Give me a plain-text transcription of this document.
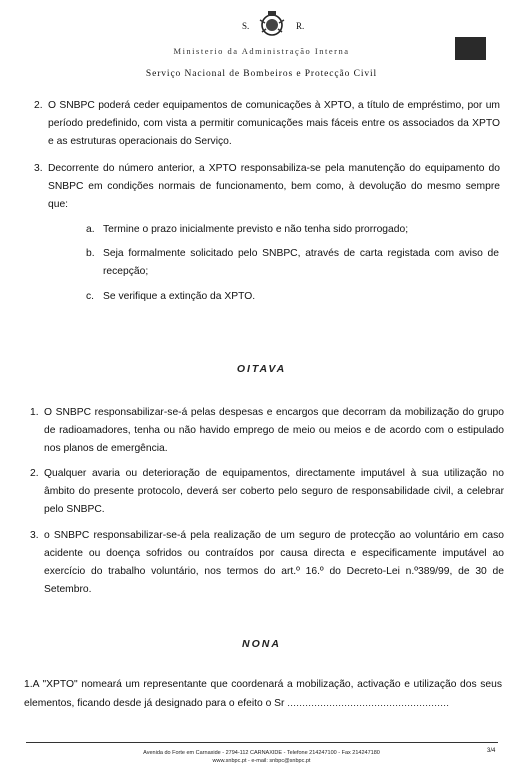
S.	R.
Ministerio da Administração Interna
Serviço Nacional de Bombeiros e Protecção Civil
2. O SNBPC poderá ceder equipamentos de comunicações à XPTO, a título de empréstimo, por um período predefinido, com vista a permitir comunicações mais fáceis entre os associados da XPTO e as estruturas operacionais do Serviço.
3. Decorrente do número anterior, a XPTO responsabiliza-se pela manutenção do equipamento do SNBPC em condições normais de funcionamento, bem como, à devolução do mesmo sempre que:
a. Termine o prazo inicialmente previsto e não tenha sido prorrogado;
b. Seja formalmente solicitado pelo SNBPC, através de carta registada com aviso de recepção;
c. Se verifique a extinção da XPTO.
OITAVA
1. O SNBPC responsabilizar-se-á pelas despesas e encargos que decorram da mobilização do grupo de radioamadores, tenha ou não havido emprego de meio ou meios e de acordo com o estipulado nos planos de emergência.
2. Qualquer avaria ou deterioração de equipamentos, directamente imputável à sua utilização no âmbito do presente protocolo, deverá ser coberto pelo seguro de responsabilidade civil, a celebrar pelo SNBPC.
3. o SNBPC responsabilizar-se-á pela realização de um seguro de protecção ao voluntário em caso acidente ou doença sofridos ou contraídos por causa directa e especificamente imputável ao exercício do trabalho voluntário, nos termos do art.º 16.º do Decreto-Lei n.º389/99, de 30 de Setembro.
NONA
1.A "XPTO" nomeará um representante que coordenará a mobilização, activação e utilização dos seus elementos, ficando desde já designado para o efeito o Sr ......................................................
Avenida do Forte em Carnaxide - 2794-112 CARNAXIDE - Telefone 214247100 - Fax 214247180
www.snbpc.pt - e-mail: snbpc@snbpc.pt
3/4
